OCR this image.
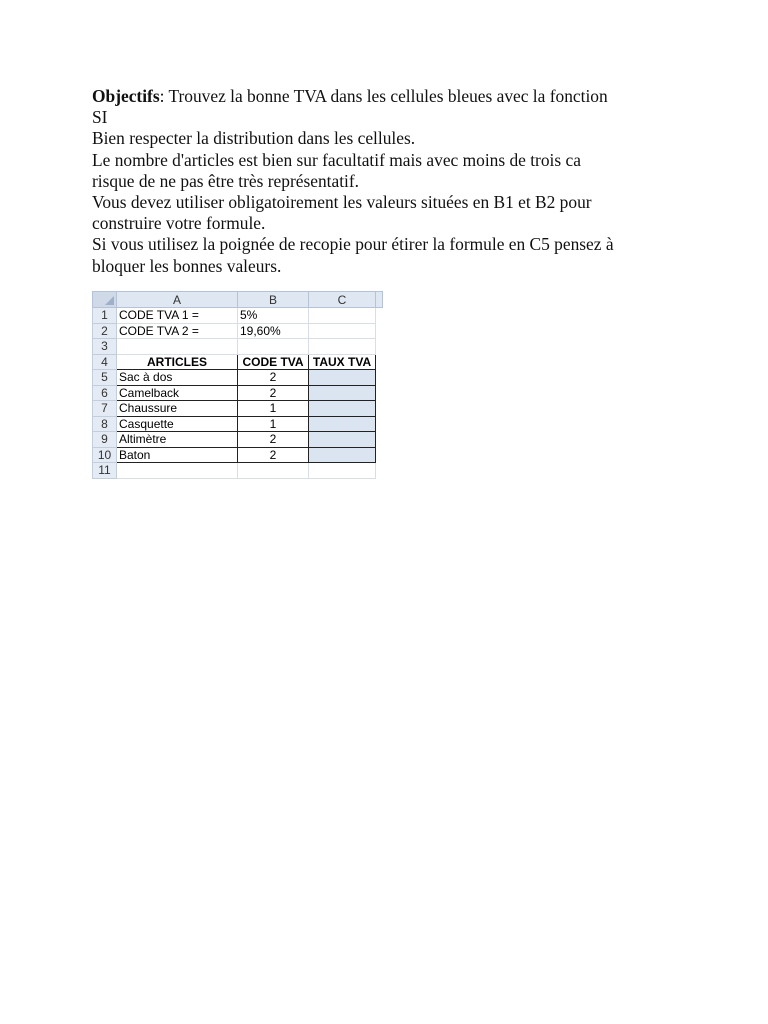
Objectifs: Trouvez la bonne TVA dans les cellules bleues avec la fonction
SI
Bien respecter la distribution dans les cellules.
Le nombre d'articles est bien sur facultatif mais avec moins de trois ca
risque de ne pas être très représentatif.
Vous devez utiliser obligatoirement les valeurs situées en B1 et B2 pour
construire votre formule.
Si vous utilisez la poignée de recopie pour étirer la formule en C5 pensez à
bloquer les bonnes valeurs.
	A	B	C	
1	CODE TVA 1 =	5%		
2	CODE TVA 2 =	19,60%		
3				
4	ARTICLES	CODE TVA	TAUX TVA	
5	Sac à dos	2		
6	Camelback	2		
7	Chaussure	1		
8	Casquette	1		
9	Altimètre	2		
10	Baton	2		
11				
